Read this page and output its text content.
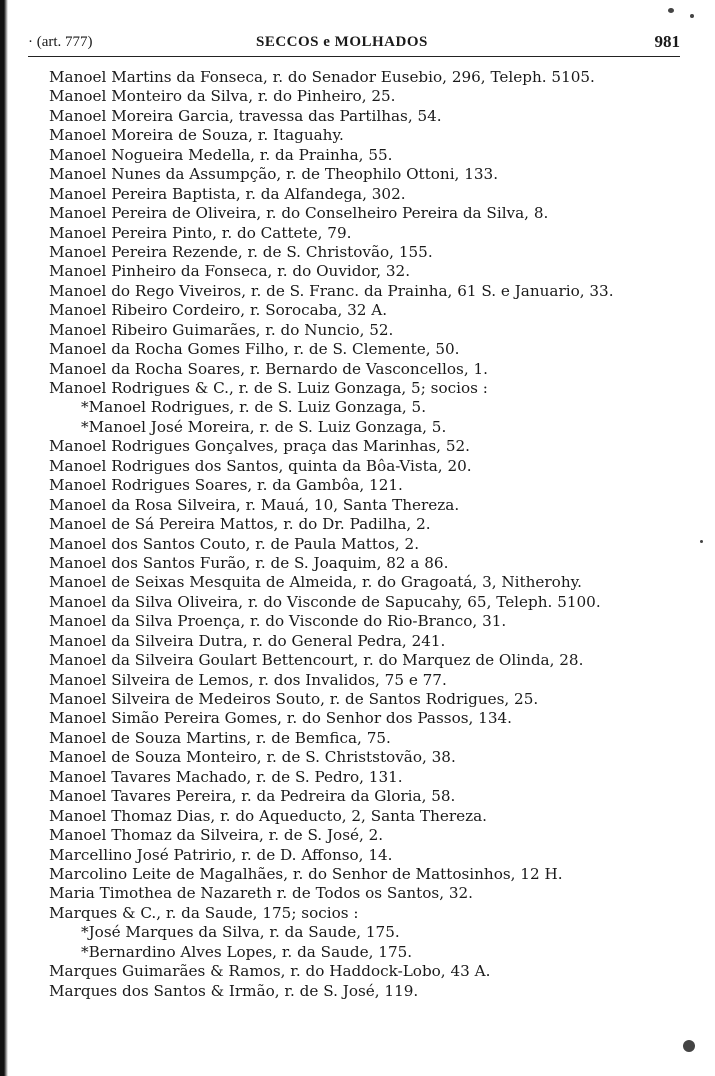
· (art. 777)	SECCOS e MOLHADOS	981
Manoel Martins da Fonseca, r. do Senador Eusebio, 296, Teleph. 5105.
Manoel Monteiro da Silva, r. do Pinheiro, 25.
Manoel Moreira Garcia, travessa das Partilhas, 54.
Manoel Moreira de Souza, r. Itaguahy.
Manoel Nogueira Medella, r. da Prainha, 55.
Manoel Nunes da Assumpção, r. de Theophilo Ottoni, 133.
Manoel Pereira Baptista, r. da Alfandega, 302.
Manoel Pereira de Oliveira, r. do Conselheiro Pereira da Silva, 8.
Manoel Pereira Pinto, r. do Cattete, 79.
Manoel Pereira Rezende, r. de S. Christovão, 155.
Manoel Pinheiro da Fonseca, r. do Ouvidor, 32.
Manoel do Rego Viveiros, r. de S. Franc. da Prainha, 61 S. e Januario, 33.
Manoel Ribeiro Cordeiro, r. Sorocaba, 32 A.
Manoel Ribeiro Guimarães, r. do Nuncio, 52.
Manoel da Rocha Gomes Filho, r. de S. Clemente, 50.
Manoel da Rocha Soares, r. Bernardo de Vasconcellos, 1.
Manoel Rodrigues & C., r. de S. Luiz Gonzaga, 5; socios :
*Manoel Rodrigues, r. de S. Luiz Gonzaga, 5.
*Manoel José Moreira, r. de S. Luiz Gonzaga, 5.
Manoel Rodrigues Gonçalves, praça das Marinhas, 52.
Manoel Rodrigues dos Santos, quinta da Bôa-Vista, 20.
Manoel Rodrigues Soares, r. da Gambôa, 121.
Manoel da Rosa Silveira, r. Mauá, 10, Santa Thereza.
Manoel de Sá Pereira Mattos, r. do Dr. Padilha, 2.
Manoel dos Santos Couto, r. de Paula Mattos, 2.
Manoel dos Santos Furão, r. de S. Joaquim, 82 a 86.
Manoel de Seixas Mesquita de Almeida, r. do Gragoatá, 3, Nitherohy.
Manoel da Silva Oliveira, r. do Visconde de Sapucahy, 65, Teleph. 5100.
Manoel da Silva Proença, r. do Visconde do Rio-Branco, 31.
Manoel da Silveira Dutra, r. do General Pedra, 241.
Manoel da Silveira Goulart Bettencourt, r. do Marquez de Olinda, 28.
Manoel Silveira de Lemos, r. dos Invalidos, 75 e 77.
Manoel Silveira de Medeiros Souto, r. de Santos Rodrigues, 25.
Manoel Simão Pereira Gomes, r. do Senhor dos Passos, 134.
Manoel de Souza Martins, r. de Bemfica, 75.
Manoel de Souza Monteiro, r. de S. Christstovão, 38.
Manoel Tavares Machado, r. de S. Pedro, 131.
Manoel Tavares Pereira, r. da Pedreira da Gloria, 58.
Manoel Thomaz Dias, r. do Aqueducto, 2, Santa Thereza.
Manoel Thomaz da Silveira, r. de S. José, 2.
Marcellino José Patririo, r. de D. Affonso, 14.
Marcolino Leite de Magalhães, r. do Senhor de Mattosinhos, 12 H.
Maria Timothea de Nazareth r. de Todos os Santos, 32.
Marques & C., r. da Saude, 175; socios :
*José Marques da Silva, r. da Saude, 175.
*Bernardino Alves Lopes, r. da Saude, 175.
Marques Guimarães & Ramos, r. do Haddock-Lobo, 43 A.
Marques dos Santos & Irmão, r. de S. José, 119.
